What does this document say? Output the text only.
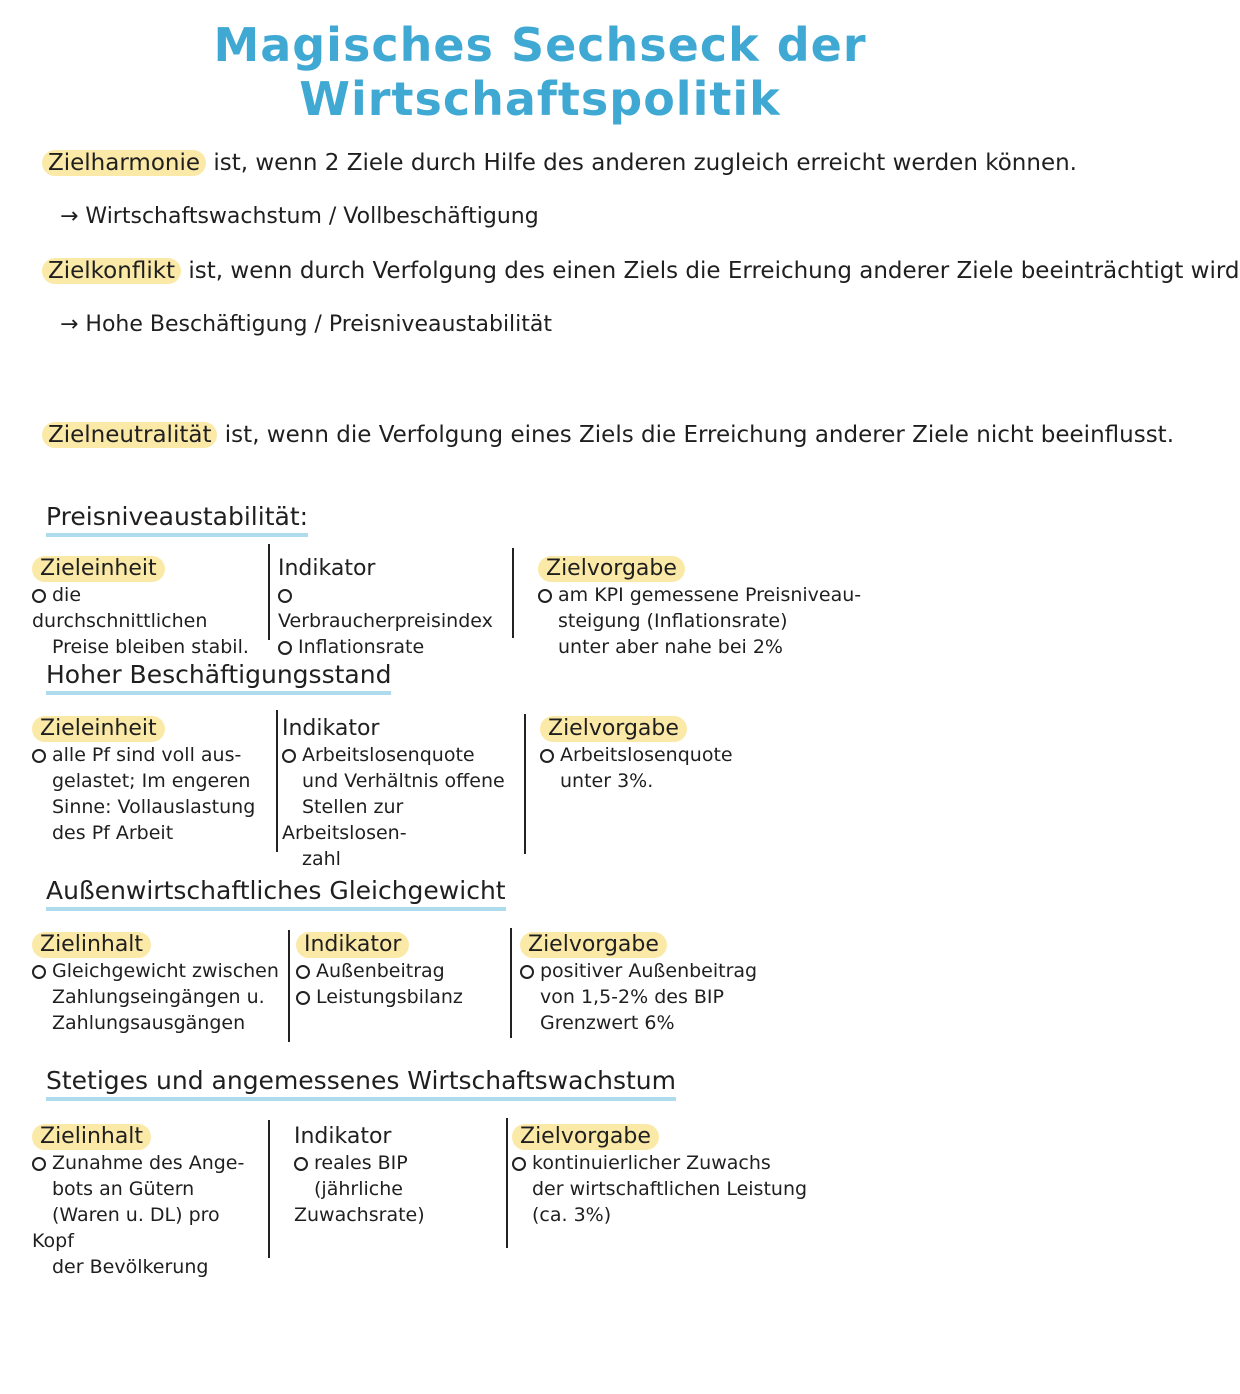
Magisches Sechseck der Wirtschaftspolitik
Zielharmonie ist, wenn 2 Ziele durch Hilfe des anderen zugleich erreicht werden können.
→ Wirtschaftswachstum / Vollbeschäftigung
Zielkonflikt ist, wenn durch Verfolgung des einen Ziels die Erreichung anderer Ziele beeinträchtigt wird
→ Hohe Beschäftigung / Preisniveaustabilität
Zielneutralität ist, wenn die Verfolgung eines Ziels die Erreichung anderer Ziele nicht beeinflusst.
Preisniveaustabilität:
Zieleinheit
die durchschnittlichen
Preise bleiben stabil.
Indikator
Verbraucherpreisindex
Inflationsrate
Zielvorgabe
am KPI gemessene Preisniveau-
steigung (Inflationsrate)
unter aber nahe bei 2%
Hoher Beschäftigungsstand
Zieleinheit
alle Pf sind voll aus-
gelastet; Im engeren
Sinne: Vollauslastung
des Pf Arbeit
Indikator
Arbeitslosenquote
und Verhältnis offene
Stellen zur Arbeitslosen-
zahl
Zielvorgabe
Arbeitslosenquote
unter 3%.
Außenwirtschaftliches Gleichgewicht
Zielinhalt
Gleichgewicht zwischen
Zahlungseingängen u.
Zahlungsausgängen
Indikator
Außenbeitrag
Leistungsbilanz
Zielvorgabe
positiver Außenbeitrag
von 1,5-2% des BIP
Grenzwert 6%
Stetiges und angemessenes Wirtschaftswachstum
Zielinhalt
Zunahme des Ange-
bots an Gütern
(Waren u. DL) pro Kopf
der Bevölkerung
Indikator
reales BIP
(jährliche Zuwachsrate)
Zielvorgabe
kontinuierlicher Zuwachs
der wirtschaftlichen Leistung
(ca. 3%)
